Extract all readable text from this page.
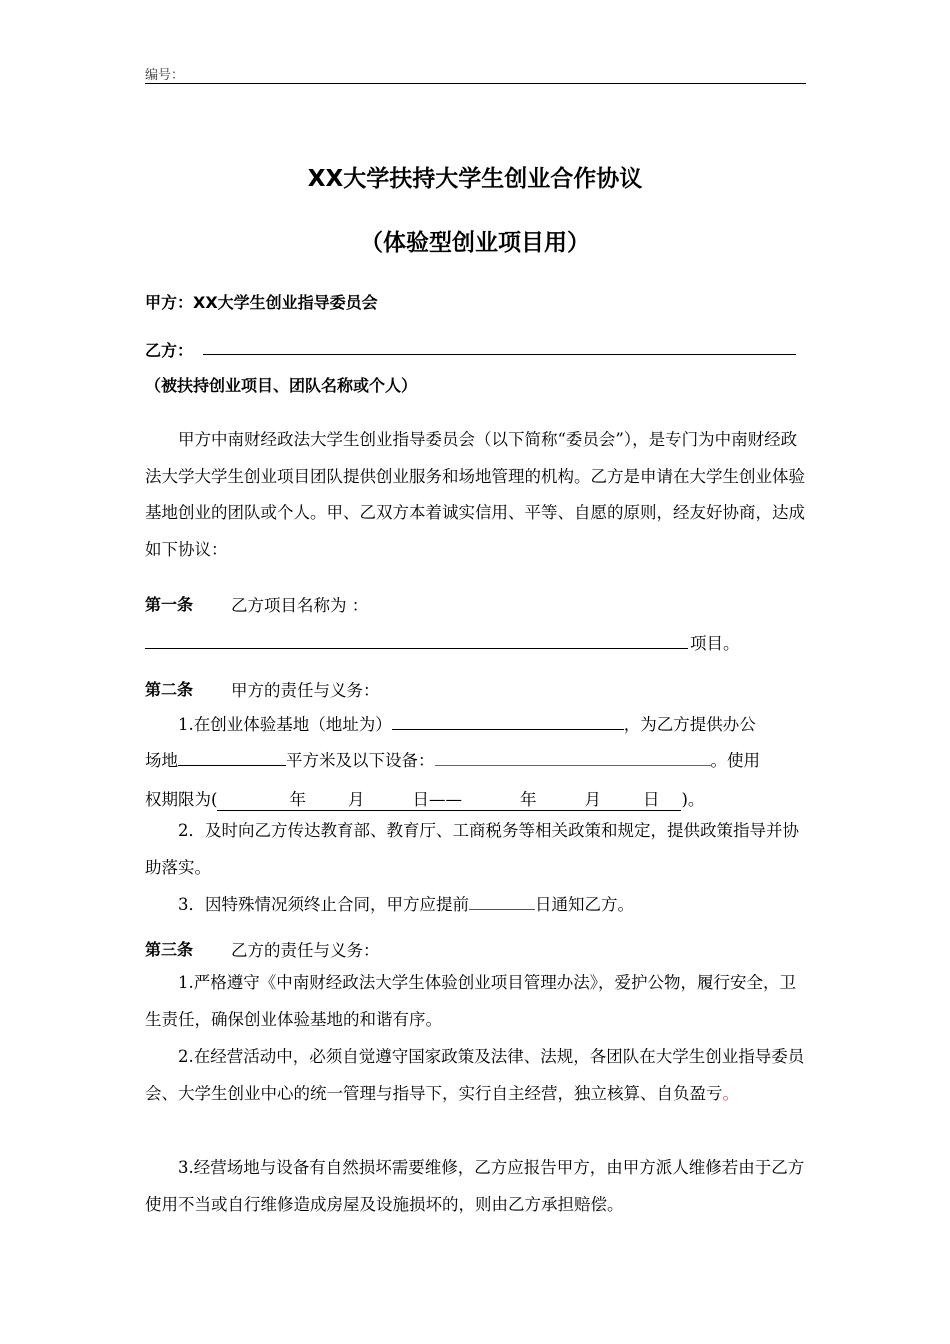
编号：
XX大学扶持大学生创业合作协议
（体验型创业项目用）
甲方：XX大学生创业指导委员会
乙方：
（被扶持创业项目、团队名称或个人）
甲方中南财经政法大学生创业指导委员会（以下简称“委员会”），是专门为中南财经政法大学大学生创业项目团队提供创业服务和场地管理的机构。乙方是申请在大学生创业体验基地创业的团队或个人。甲、乙双方本着诚实信用、平等、自愿的原则，经友好协商，达成如下协议：
第一条 乙方项目名称为 ：
项目。
第二条 甲方的责任与义务：
1.在创业体验基地（地址为）	，为乙方提供办公
场地	平方米及以下设备：	。使用
权期限为(	年	月	日——	年	月	日 )。
2．及时向乙方传达教育部、教育厅、工商税务等相关政策和规定，提供政策指导并协助落实。
3．因特殊情况须终止合同，甲方应提前	日通知乙方。
第三条 乙方的责任与义务：
1.严格遵守《中南财经政法大学生体验创业项目管理办法》，爱护公物，履行安全，卫生责任，确保创业体验基地的和谐有序。
2.在经营活动中，必须自觉遵守国家政策及法律、法规，各团队在大学生创业指导委员会、大学生创业中心的统一管理与指导下，实行自主经营，独立核算、自负盈亏。
3.经营场地与设备有自然损坏需要维修，乙方应报告甲方，由甲方派人维修若由于乙方使用不当或自行维修造成房屋及设施损坏的，则由乙方承担赔偿。
